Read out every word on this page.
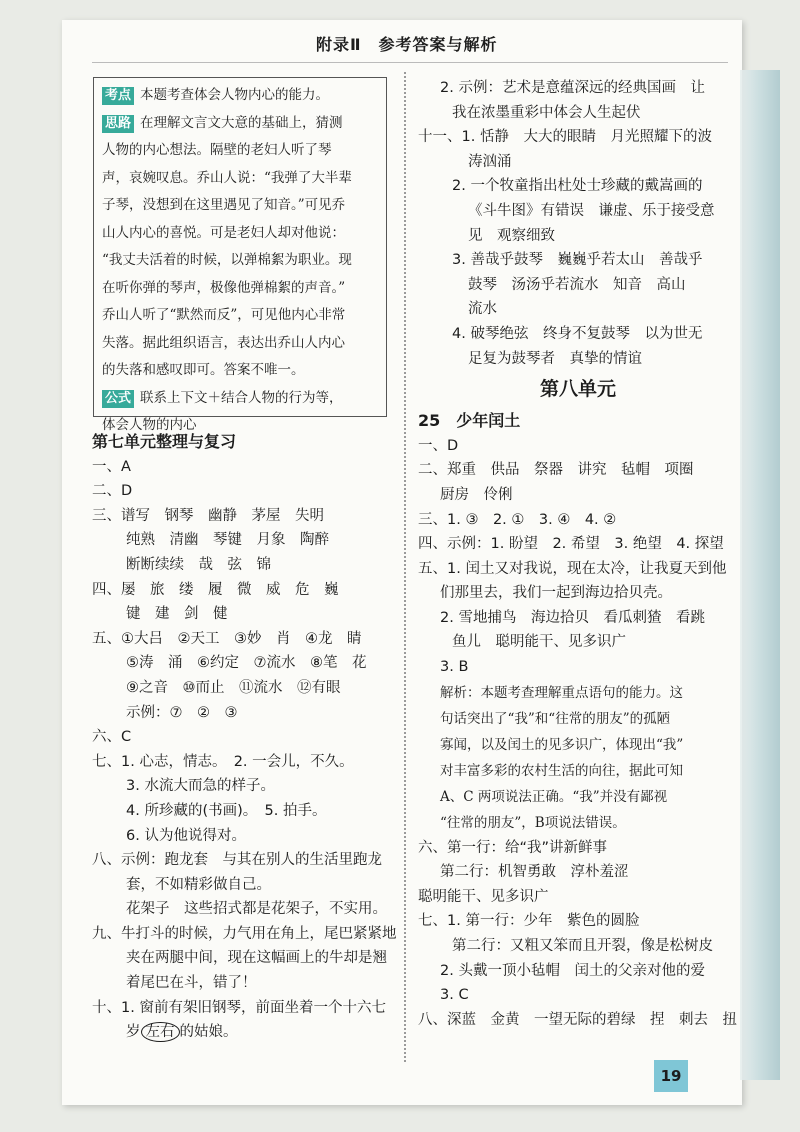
附录Ⅱ　参考答案与解析

考点 本题考查体会人物内心的能力。

思路 在理解文言文大意的基础上，猜测

人物的内心想法。隔壁的老妇人听了琴

声，哀婉叹息。乔山人说：“我弹了大半辈

子琴，没想到在这里遇见了知音。”可见乔

山人内心的喜悦。可是老妇人却对他说：

“我丈夫活着的时候，以弹棉絮为职业。现

在听你弹的琴声，极像他弹棉絮的声音。”

乔山人听了“默然而反”，可见他内心非常

失落。据此组织语言，表达出乔山人内心

的失落和感叹即可。答案不唯一。

公式 联系上下文＋结合人物的行为等，

体会人物的内心

第七单元整理与复习
一、A
二、D
三、谱写　钢琴　幽静　茅屋　失明
纯熟　清幽　琴键　月象　陶醉
断断续续　哉　弦　锦
四、屡　旅　缕　履　微　威　危　巍
键　建　剑　健
五、①大吕　②天工　③妙　肖　④龙　睛
⑤涛　涌　⑥约定　⑦流水　⑧笔　花
⑨之音　⑩而止　⑪流水　⑫有眼
示例：⑦　②　③
六、C
七、1. 心志，情志。　2. 一会儿，不久。
3. 水流大而急的样子。
4. 所珍藏的(书画)。　5. 拍手。
6. 认为他说得对。
八、示例：跑龙套　与其在别人的生活里跑龙
套，不如精彩做自己。
花架子　这些招式都是花架子，不实用。
九、牛打斗的时候，力气用在角上，尾巴紧紧地
夹在两腿中间，现在这幅画上的牛却是翘
着尾巴在斗，错了！
十、1. 窗前有架旧钢琴，前面坐着一个十六七
岁 左右 的姑娘。
2. 示例：艺术是意蕴深远的经典国画　让
我在浓墨重彩中体会人生起伏
十一、1. 恬静　大大的眼睛　月光照耀下的波
涛汹涌
2. 一个牧童指出杜处士珍藏的戴嵩画的
《斗牛图》有错误　谦虚、乐于接受意
见　观察细致
3. 善哉乎鼓琴　巍巍乎若太山　善哉乎
鼓琴　汤汤乎若流水　知音　高山
流水
4. 破琴绝弦　终身不复鼓琴　以为世无
足复为鼓琴者　真挚的情谊
第八单元
25　少年闰土
一、D
二、郑重　供品　祭器　讲究　毡帽　项圈
厨房　伶俐
三、1. ③　2. ①　3. ④　4. ②
四、示例：1. 盼望　2. 希望　3. 绝望　4. 探望
五、1. 闰土又对我说，现在太冷，让我夏天到他
们那里去，我们一起到海边拾贝壳。
2. 雪地捕鸟　海边拾贝　看瓜刺猹　看跳
鱼儿　聪明能干、见多识广
3. B
解析：本题考查理解重点语句的能力。这
句话突出了“我”和“往常的朋友”的孤陋
寡闻，以及闰土的见多识广，体现出“我”
对丰富多彩的农村生活的向往，据此可知
A、C 两项说法正确。“我”并没有鄙视
“往常的朋友”，B项说法错误。
六、第一行：给“我”讲新鲜事
第二行：机智勇敢　淳朴羞涩
聪明能干、见多识广
七、1. 第一行：少年　紫色的圆脸
第二行：又粗又笨而且开裂，像是松树皮
2. 头戴一顶小毡帽　闰土的父亲对他的爱
3. C
八、深蓝　金黄　一望无际的碧绿　捏　刺去　扭
19
